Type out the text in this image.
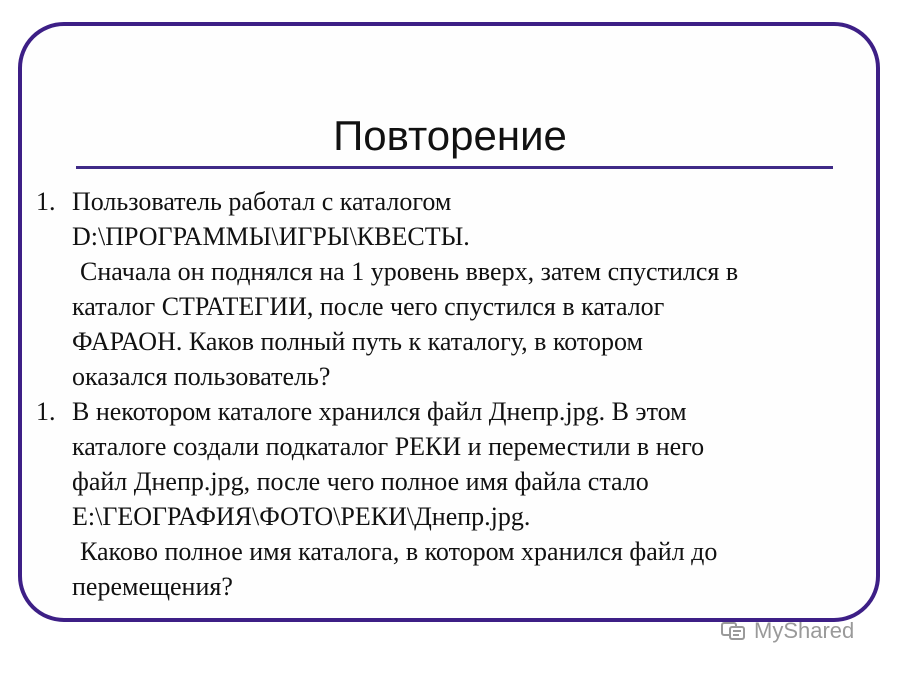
Повторение
1. Пользователь работал с каталогом
D:\ПРОГРАММЫ\ИГРЫ\КВЕСТЫ.
Сначала он поднялся на 1 уровень вверх, затем спустился в
каталог СТРАТЕГИИ, после чего спустился в каталог
ФАРАОН. Каков полный путь к каталогу, в котором
оказался пользователь?
1. В некотором каталоге хранился файл Днепр.jpg. В этом
каталоге создали подкаталог РЕКИ и переместили в него
файл Днепр.jpg, после чего полное имя файла стало
E:\ГЕОГРАФИЯ\ФОТО\РЕКИ\Днепр.jpg.
Каково полное имя каталога, в котором хранился файл до
перемещения?
MyShared
